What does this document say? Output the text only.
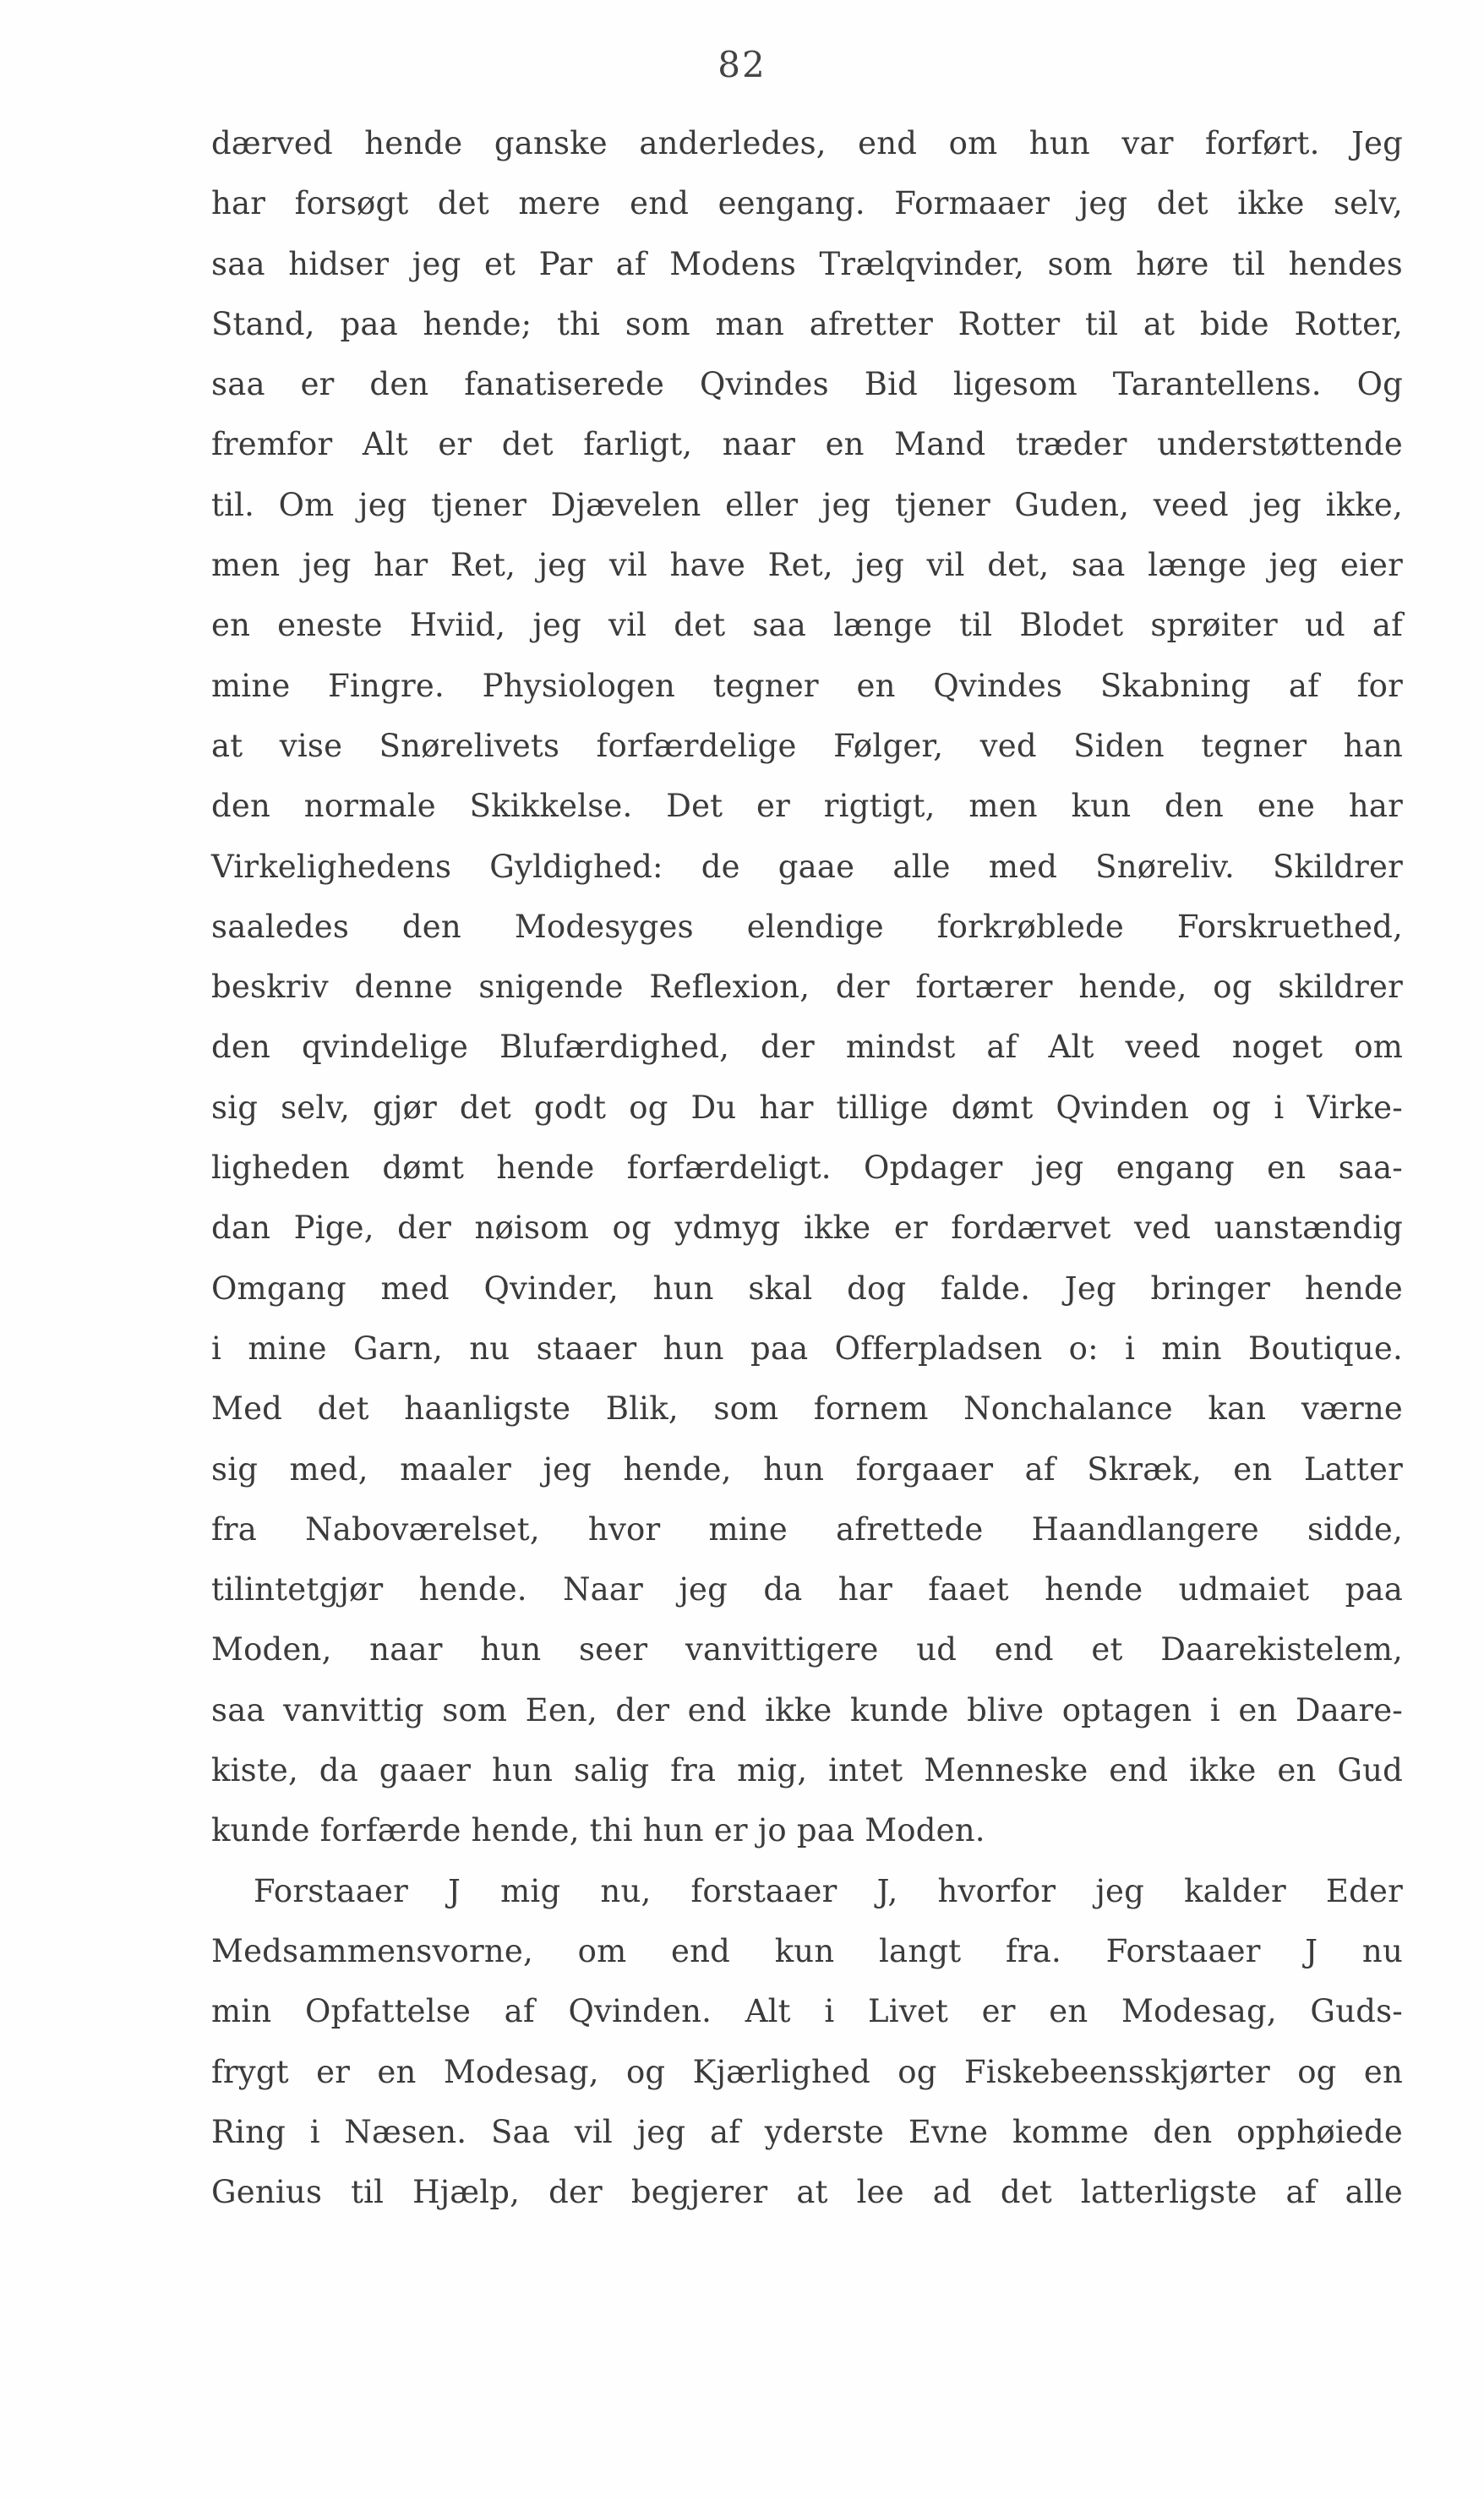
82
dærved hende ganske anderledes, end om hun var forført. Jeg
har forsøgt det mere end eengang. Formaaer jeg det ikke selv,
saa hidser jeg et Par af Modens Trælqvinder, som høre til hendes
Stand, paa hende; thi som man afretter Rotter til at bide Rotter,
saa er den fanatiserede Qvindes Bid ligesom Tarantellens. Og
fremfor Alt er det farligt, naar en Mand træder understøttende
til. Om jeg tjener Djævelen eller jeg tjener Guden, veed jeg ikke,
men jeg har Ret, jeg vil have Ret, jeg vil det, saa længe jeg eier
en eneste Hviid, jeg vil det saa længe til Blodet sprøiter ud af
mine Fingre. Physiologen tegner en Qvindes Skabning af for
at vise Snørelivets forfærdelige Følger, ved Siden tegner han
den normale Skikkelse. Det er rigtigt, men kun den ene har
Virkelighedens Gyldighed: de gaae alle med Snøreliv. Skildrer
saaledes den Modesyges elendige forkrøblede Forskruethed,
beskriv denne snigende Reflexion, der fortærer hende, og skildrer
den qvindelige Blufærdighed, der mindst af Alt veed noget om
sig selv, gjør det godt og Du har tillige dømt Qvinden og i Virke-
ligheden dømt hende forfærdeligt. Opdager jeg engang en saa-
dan Pige, der nøisom og ydmyg ikke er fordærvet ved uanstændig
Omgang med Qvinder, hun skal dog falde. Jeg bringer hende
i mine Garn, nu staaer hun paa Offerpladsen o: i min Boutique.
Med det haanligste Blik, som fornem Nonchalance kan værne
sig med, maaler jeg hende, hun forgaaer af Skræk, en Latter
fra Naboværelset, hvor mine afrettede Haandlangere sidde,
tilintetgjør hende. Naar jeg da har faaet hende udmaiet paa
Moden, naar hun seer vanvittigere ud end et Daarekistelem,
saa vanvittig som Een, der end ikke kunde blive optagen i en Daare-
kiste, da gaaer hun salig fra mig, intet Menneske end ikke en Gud
kunde forfærde hende, thi hun er jo paa Moden.
Forstaaer J mig nu, forstaaer J, hvorfor jeg kalder Eder
Medsammensvorne, om end kun langt fra. Forstaaer J nu
min Opfattelse af Qvinden. Alt i Livet er en Modesag, Guds-
frygt er en Modesag, og Kjærlighed og Fiskebeensskjørter og en
Ring i Næsen. Saa vil jeg af yderste Evne komme den opphøiede
Genius til Hjælp, der begjerer at lee ad det latterligste af alle
